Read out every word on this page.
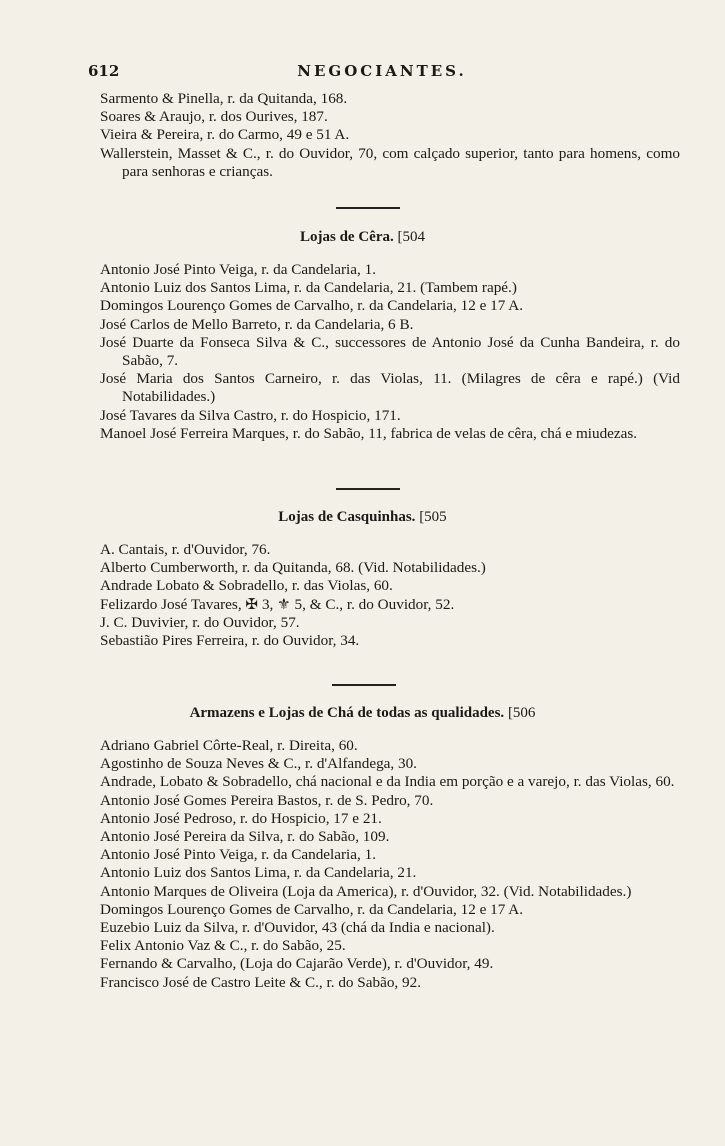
612	NEGOCIANTES.

Sarmento & Pinella, r. da Quitanda, 168.

Soares & Araujo, r. dos Ourives, 187.

Vieira & Pereira, r. do Carmo, 49 e 51 A.

Wallerstein, Masset & C., r. do Ouvidor, 70, com calçado superior, tanto para homens, como para senhoras e crianças.

Lojas de Cêra. [504

Antonio José Pinto Veiga, r. da Candelaria, 1.

Antonio Luiz dos Santos Lima, r. da Candelaria, 21. (Tambem rapé.)

Domingos Lourenço Gomes de Carvalho, r. da Candelaria, 12 e 17 A.

José Carlos de Mello Barreto, r. da Candelaria, 6 B.

José Duarte da Fonseca Silva & C., successores de Antonio José da Cunha Bandeira, r. do Sabão, 7.

José Maria dos Santos Carneiro, r. das Violas, 11. (Milagres de cêra e rapé.) (Vid Notabilidades.)

José Tavares da Silva Castro, r. do Hospicio, 171.

Manoel José Ferreira Marques, r. do Sabão, 11, fabrica de velas de cêra, chá e miudezas.

Lojas de Casquinhas. [505

A. Cantais, r. d'Ouvidor, 76.

Alberto Cumberworth, r. da Quitanda, 68. (Vid. Notabilidades.)

Andrade Lobato & Sobradello, r. das Violas, 60.

Felizardo José Tavares, ✠ 3, ⚜ 5, & C., r. do Ouvidor, 52.

J. C. Duvivier, r. do Ouvidor, 57.

Sebastião Pires Ferreira, r. do Ouvidor, 34.

Armazens e Lojas de Chá de todas as qualidades. [506

Adriano Gabriel Côrte-Real, r. Direita, 60.

Agostinho de Souza Neves & C., r. d'Alfandega, 30.

Andrade, Lobato & Sobradello, chá nacional e da India em porção e a varejo, r. das Violas, 60.

Antonio José Gomes Pereira Bastos, r. de S. Pedro, 70.

Antonio José Pedroso, r. do Hospicio, 17 e 21.

Antonio José Pereira da Silva, r. do Sabão, 109.

Antonio José Pinto Veiga, r. da Candelaria, 1.

Antonio Luiz dos Santos Lima, r. da Candelaria, 21.

Antonio Marques de Oliveira (Loja da America), r. d'Ouvidor, 32. (Vid. Notabilidades.)

Domingos Lourenço Gomes de Carvalho, r. da Candelaria, 12 e 17 A.

Euzebio Luiz da Silva, r. d'Ouvidor, 43 (chá da India e nacional).

Felix Antonio Vaz & C., r. do Sabão, 25.

Fernando & Carvalho, (Loja do Cajarão Verde), r. d'Ouvidor, 49.

Francisco José de Castro Leite & C., r. do Sabão, 92.
